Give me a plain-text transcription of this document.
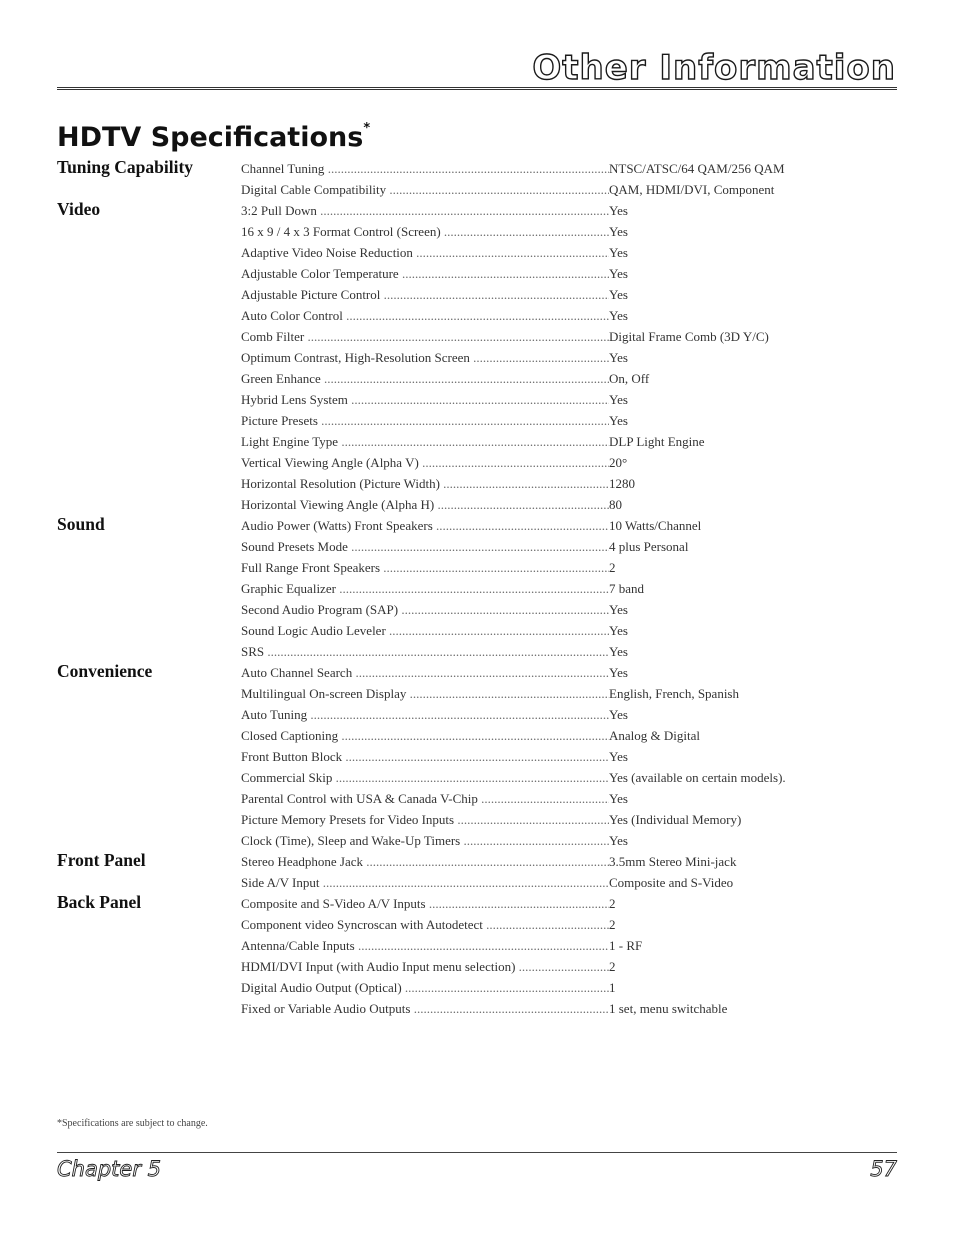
Other Information
HDTV Specifications*
Tuning Capability	Channel Tuning .....	NTSC/ATSC/64 QAM/256 QAM
Digital Cable Compatibility .....	QAM, HDMI/DVI, Component
Video	3:2 Pull Down .....	Yes
16 x 9 / 4 x 3 Format Control (Screen) .....	Yes
Adaptive Video Noise Reduction .....	Yes
Adjustable Color Temperature .....	Yes
Adjustable Picture Control .....	Yes
Auto Color Control .....	Yes
Comb Filter .....	Digital Frame Comb (3D Y/C)
Optimum Contrast, High-Resolution Screen .....	Yes
Green Enhance .....	On, Off
Hybrid Lens System .....	Yes
Picture Presets .....	Yes
Light Engine Type .....	DLP Light Engine
Vertical Viewing Angle (Alpha V) .....	20°
Horizontal Resolution (Picture Width) .....	1280
Horizontal Viewing Angle (Alpha H) .....	80
Sound	Audio Power (Watts) Front Speakers .....	10 Watts/Channel
Sound Presets Mode .....	4 plus Personal
Full Range Front Speakers .....	2
Graphic Equalizer .....	7 band
Second Audio Program (SAP) .....	Yes
Sound Logic Audio Leveler .....	Yes
SRS .....	Yes
Convenience	Auto Channel Search .....	Yes
Multilingual On-screen Display .....	English, French, Spanish
Auto Tuning .....	Yes
Closed Captioning .....	Analog & Digital
Front Button Block .....	Yes
Commercial Skip .....	Yes (available on certain models).
Parental Control with USA & Canada V-Chip .....	Yes
Picture Memory Presets for Video Inputs .....	Yes (Individual Memory)
Clock (Time), Sleep and Wake-Up Timers .....	Yes
Front Panel	Stereo Headphone Jack .....	3.5mm Stereo Mini-jack
Side A/V Input .....	Composite and S-Video
Back Panel	Composite and S-Video A/V Inputs .....	2
Component video Syncroscan with Autodetect .....	2
Antenna/Cable Inputs .....	1 - RF
HDMI/DVI Input (with Audio Input menu selection) .....	2
Digital Audio Output (Optical) .....	1
Fixed or Variable Audio Outputs .....	1 set, menu switchable
*Specifications are subject to change.
Chapter 5	57
